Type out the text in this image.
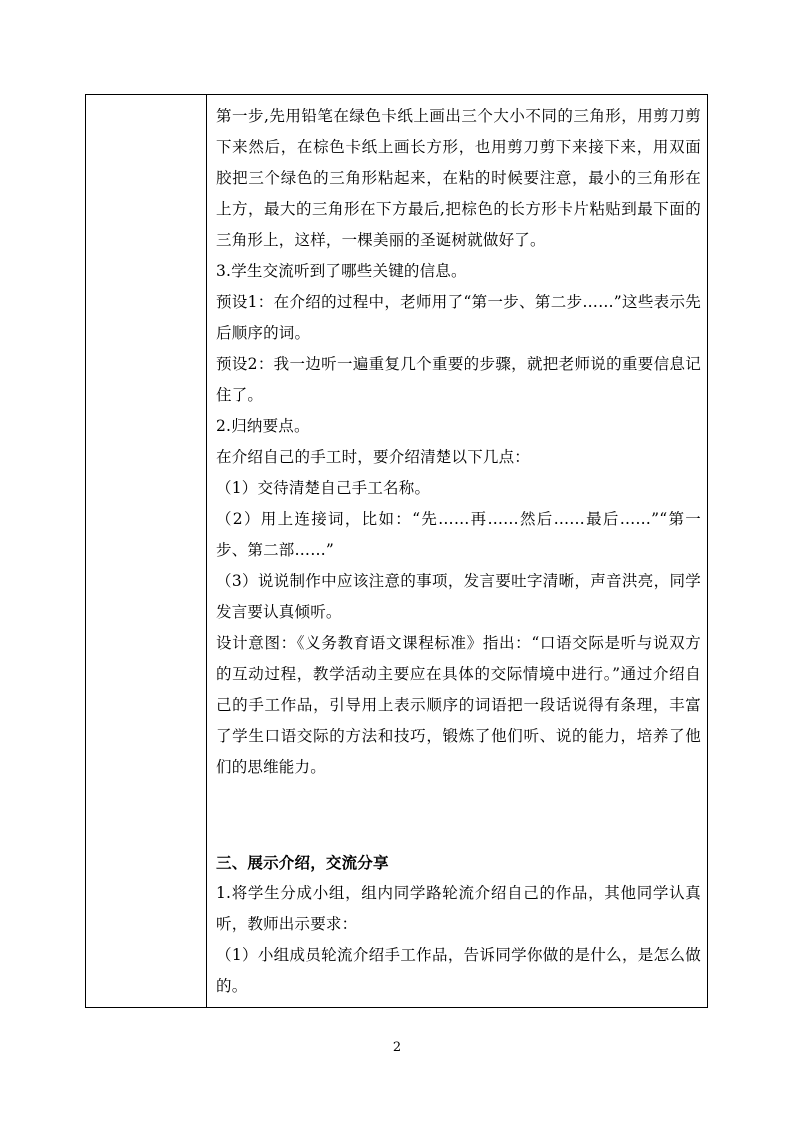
第一步,先用铅笔在绿色卡纸上画出三个大小不同的三角形，用剪刀剪下来然后，在棕色卡纸上画长方形，也用剪刀剪下来接下来，用双面胶把三个绿色的三角形粘起来，在粘的时候要注意，最小的三角形在上方，最大的三角形在下方最后,把棕色的长方形卡片粘贴到最下面的三角形上，这样，一棵美丽的圣诞树就做好了。

3.学生交流听到了哪些关键的信息。

预设1：在介绍的过程中，老师用了“第一步、第二步……”这些表示先后顺序的词。

预设2：我一边听一遍重复几个重要的步骤，就把老师说的重要信息记住了。

2.归纳要点。

在介绍自己的手工时，要介绍清楚以下几点：

（1）交待清楚自己手工名称。

（2）用上连接词，比如：“先……再……然后……最后……”“第一步、第二部……”

（3）说说制作中应该注意的事项，发言要吐字清晰，声音洪亮，同学发言要认真倾听。

设计意图：《义务教育语文课程标准》指出：“口语交际是听与说双方的互动过程，教学活动主要应在具体的交际情境中进行。”通过介绍自己的手工作品，引导用上表示顺序的词语把一段话说得有条理，丰富了学生口语交际的方法和技巧，锻炼了他们听、说的能力，培养了他们的思维能力。

三、展示介绍，交流分享

1.将学生分成小组，组内同学路轮流介绍自己的作品，其他同学认真听，教师出示要求：

（1）小组成员轮流介绍手工作品，告诉同学你做的是什么，是怎么做的。

2
